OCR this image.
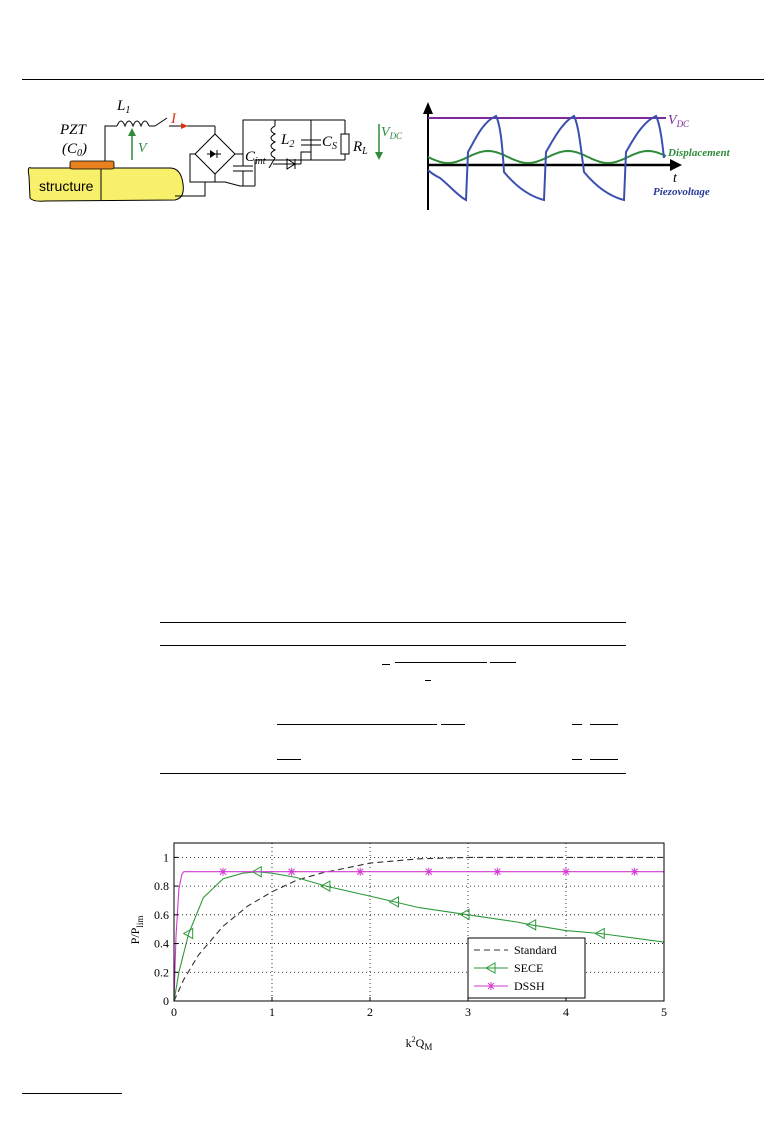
structure
PZT
$(C_0)$
$L_1$
I
V
$C_{int}$
$L_2$ $C_S$ $R_L$
$V_{DC}$
$V_{DC}$
Displacement
t
Piezovoltage
0	1	2	3	4	5
0
0.2
0.4
0.6
0.8
1
$P/P_{lim}$
$k^2Q_M$
Standard
SECE
DSSH
